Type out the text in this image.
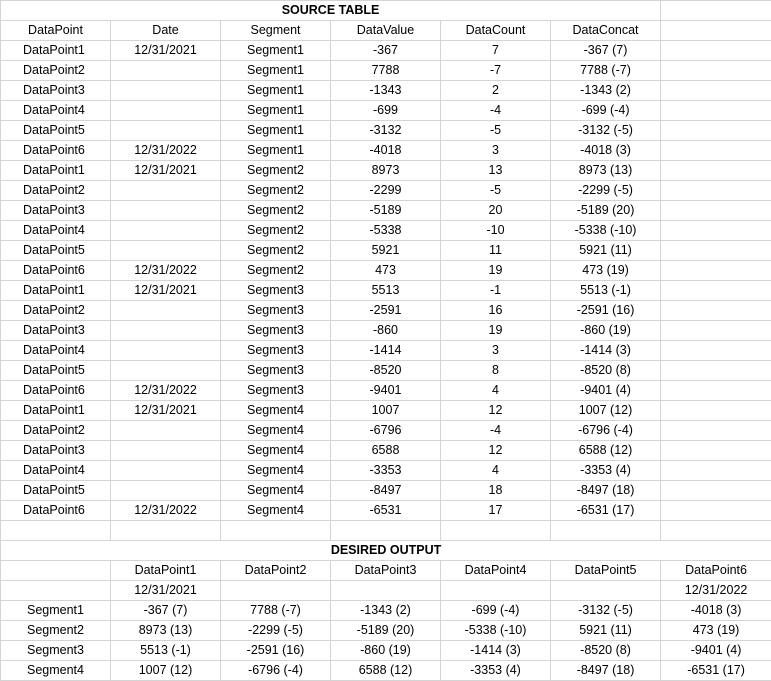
SOURCE TABLE						
DataPoint	Date	Segment	DataValue	DataCount	DataConcat	
DataPoint1	12/31/2021	Segment1	-367	7	-367 (7)	
DataPoint2		Segment1	7788	-7	7788 (-7)	
DataPoint3		Segment1	-1343	2	-1343 (2)	
DataPoint4		Segment1	-699	-4	-699 (-4)	
DataPoint5		Segment1	-3132	-5	-3132 (-5)	
DataPoint6	12/31/2022	Segment1	-4018	3	-4018 (3)	
DataPoint1	12/31/2021	Segment2	8973	13	8973 (13)	
DataPoint2		Segment2	-2299	-5	-2299 (-5)	
DataPoint3		Segment2	-5189	20	-5189 (20)	
DataPoint4		Segment2	-5338	-10	-5338 (-10)	
DataPoint5		Segment2	5921	11	5921 (11)	
DataPoint6	12/31/2022	Segment2	473	19	473 (19)	
DataPoint1	12/31/2021	Segment3	5513	-1	5513 (-1)	
DataPoint2		Segment3	-2591	16	-2591 (16)	
DataPoint3		Segment3	-860	19	-860 (19)	
DataPoint4		Segment3	-1414	3	-1414 (3)	
DataPoint5		Segment3	-8520	8	-8520 (8)	
DataPoint6	12/31/2022	Segment3	-9401	4	-9401 (4)	
DataPoint1	12/31/2021	Segment4	1007	12	1007 (12)	
DataPoint2		Segment4	-6796	-4	-6796 (-4)	
DataPoint3		Segment4	6588	12	6588 (12)	
DataPoint4		Segment4	-3353	4	-3353 (4)	
DataPoint5		Segment4	-8497	18	-8497 (18)	
DataPoint6	12/31/2022	Segment4	-6531	17	-6531 (17)	

DESIRED OUTPUT						
	DataPoint1	DataPoint2	DataPoint3	DataPoint4	DataPoint5	DataPoint6
	12/31/2021					12/31/2022
Segment1	-367 (7)	7788 (-7)	-1343 (2)	-699 (-4)	-3132 (-5)	-4018 (3)
Segment2	8973 (13)	-2299 (-5)	-5189 (20)	-5338 (-10)	5921 (11)	473 (19)
Segment3	5513 (-1)	-2591 (16)	-860 (19)	-1414 (3)	-8520 (8)	-9401 (4)
Segment4	1007 (12)	-6796 (-4)	6588 (12)	-3353 (4)	-8497 (18)	-6531 (17)
